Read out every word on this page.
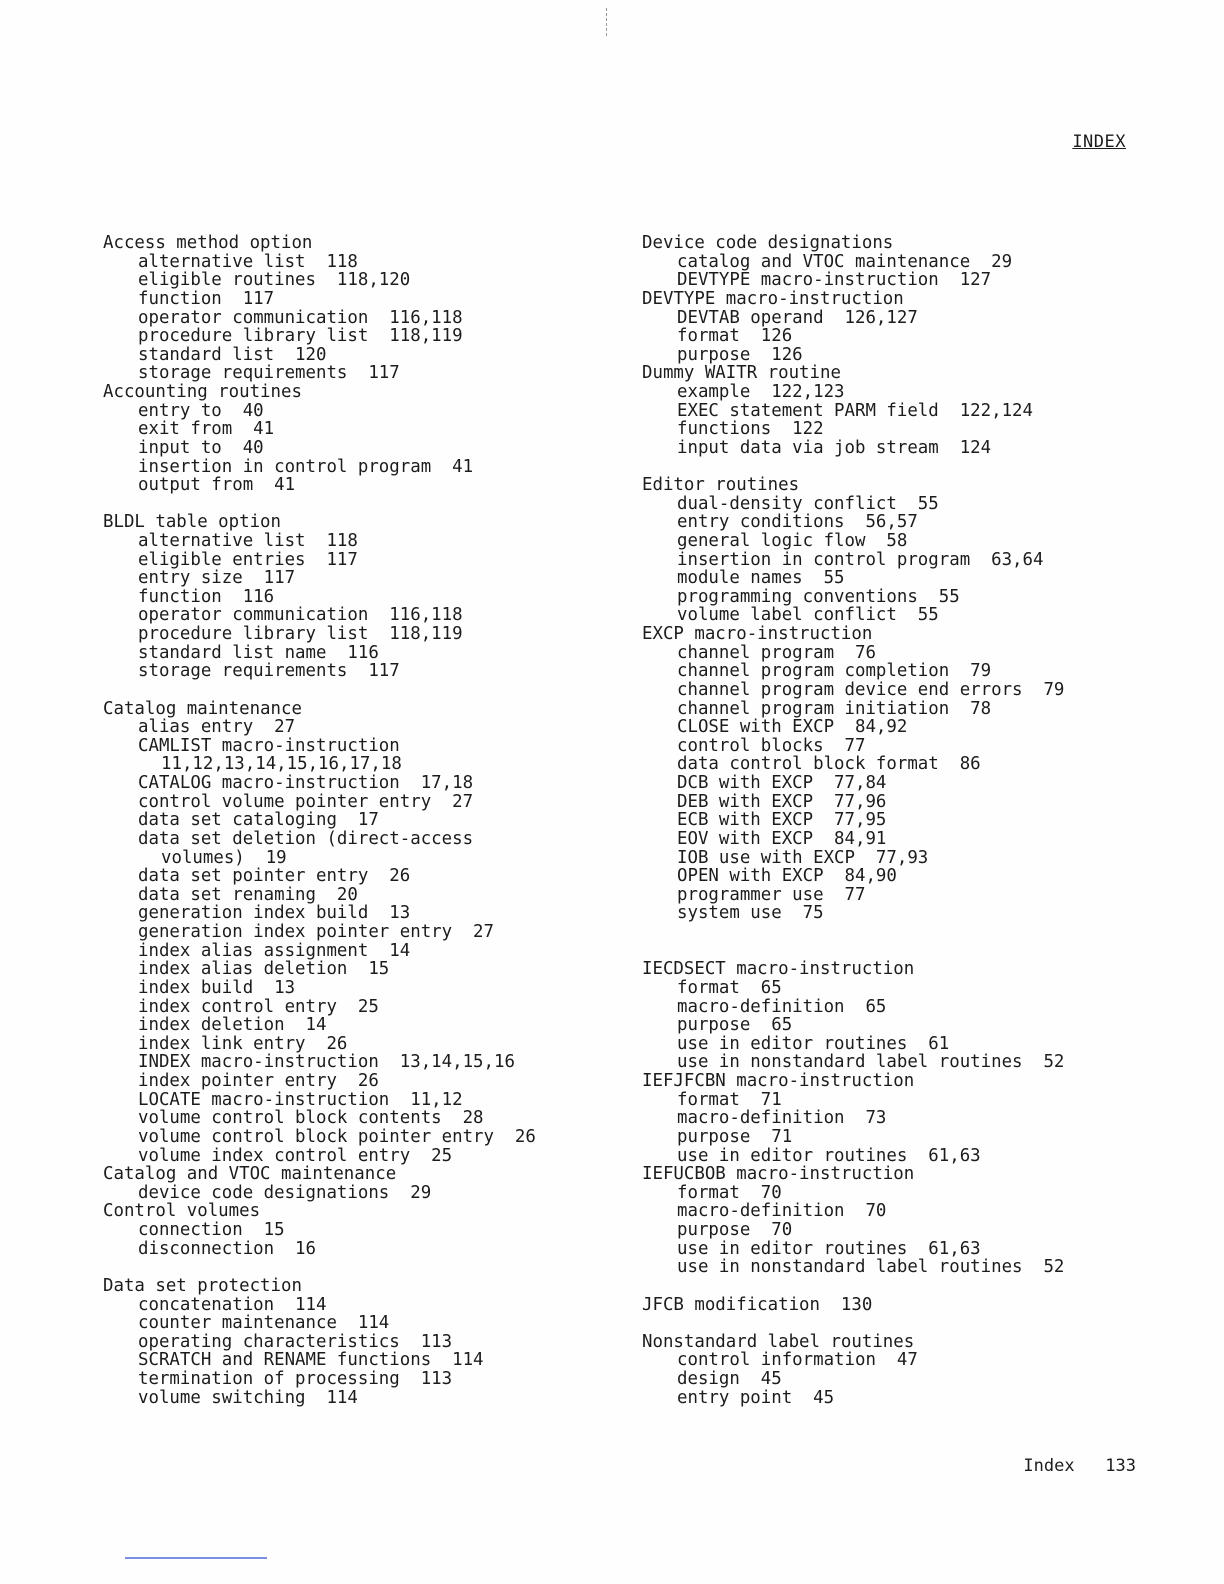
INDEX
Access method option
alternative list  118
eligible routines  118,120
function  117
operator communication  116,118
procedure library list  118,119
standard list  120
storage requirements  117
Accounting routines
entry to  40
exit from  41
input to  40
insertion in control program  41
output from  41
BLDL table option
alternative list  118
eligible entries  117
entry size  117
function  116
operator communication  116,118
procedure library list  118,119
standard list name  116
storage requirements  117
Catalog maintenance
alias entry  27
CAMLIST macro-instruction
11,12,13,14,15,16,17,18
CATALOG macro-instruction  17,18
control volume pointer entry  27
data set cataloging  17
data set deletion (direct-access
volumes)  19
data set pointer entry  26
data set renaming  20
generation index build  13
generation index pointer entry  27
index alias assignment  14
index alias deletion  15
index build  13
index control entry  25
index deletion  14
index link entry  26
INDEX macro-instruction  13,14,15,16
index pointer entry  26
LOCATE macro-instruction  11,12
volume control block contents  28
volume control block pointer entry  26
volume index control entry  25
Catalog and VTOC maintenance
device code designations  29
Control volumes
connection  15
disconnection  16
Data set protection
concatenation  114
counter maintenance  114
operating characteristics  113
SCRATCH and RENAME functions  114
termination of processing  113
volume switching  114
Device code designations
catalog and VTOC maintenance  29
DEVTYPE macro-instruction  127
DEVTYPE macro-instruction
DEVTAB operand  126,127
format  126
purpose  126
Dummy WAITR routine
example  122,123
EXEC statement PARM field  122,124
functions  122
input data via job stream  124
Editor routines
dual-density conflict  55
entry conditions  56,57
general logic flow  58
insertion in control program  63,64
module names  55
programming conventions  55
volume label conflict  55
EXCP macro-instruction
channel program  76
channel program completion  79
channel program device end errors  79
channel program initiation  78
CLOSE with EXCP  84,92
control blocks  77
data control block format  86
DCB with EXCP  77,84
DEB with EXCP  77,96
ECB with EXCP  77,95
EOV with EXCP  84,91
IOB use with EXCP  77,93
OPEN with EXCP  84,90
programmer use  77
system use  75
IECDSECT macro-instruction
format  65
macro-definition  65
purpose  65
use in editor routines  61
use in nonstandard label routines  52
IEFJFCBN macro-instruction
format  71
macro-definition  73
purpose  71
use in editor routines  61,63
IEFUCBOB macro-instruction
format  70
macro-definition  70
purpose  70
use in editor routines  61,63
use in nonstandard label routines  52
JFCB modification  130
Nonstandard label routines
control information  47
design  45
entry point  45
Index 133
